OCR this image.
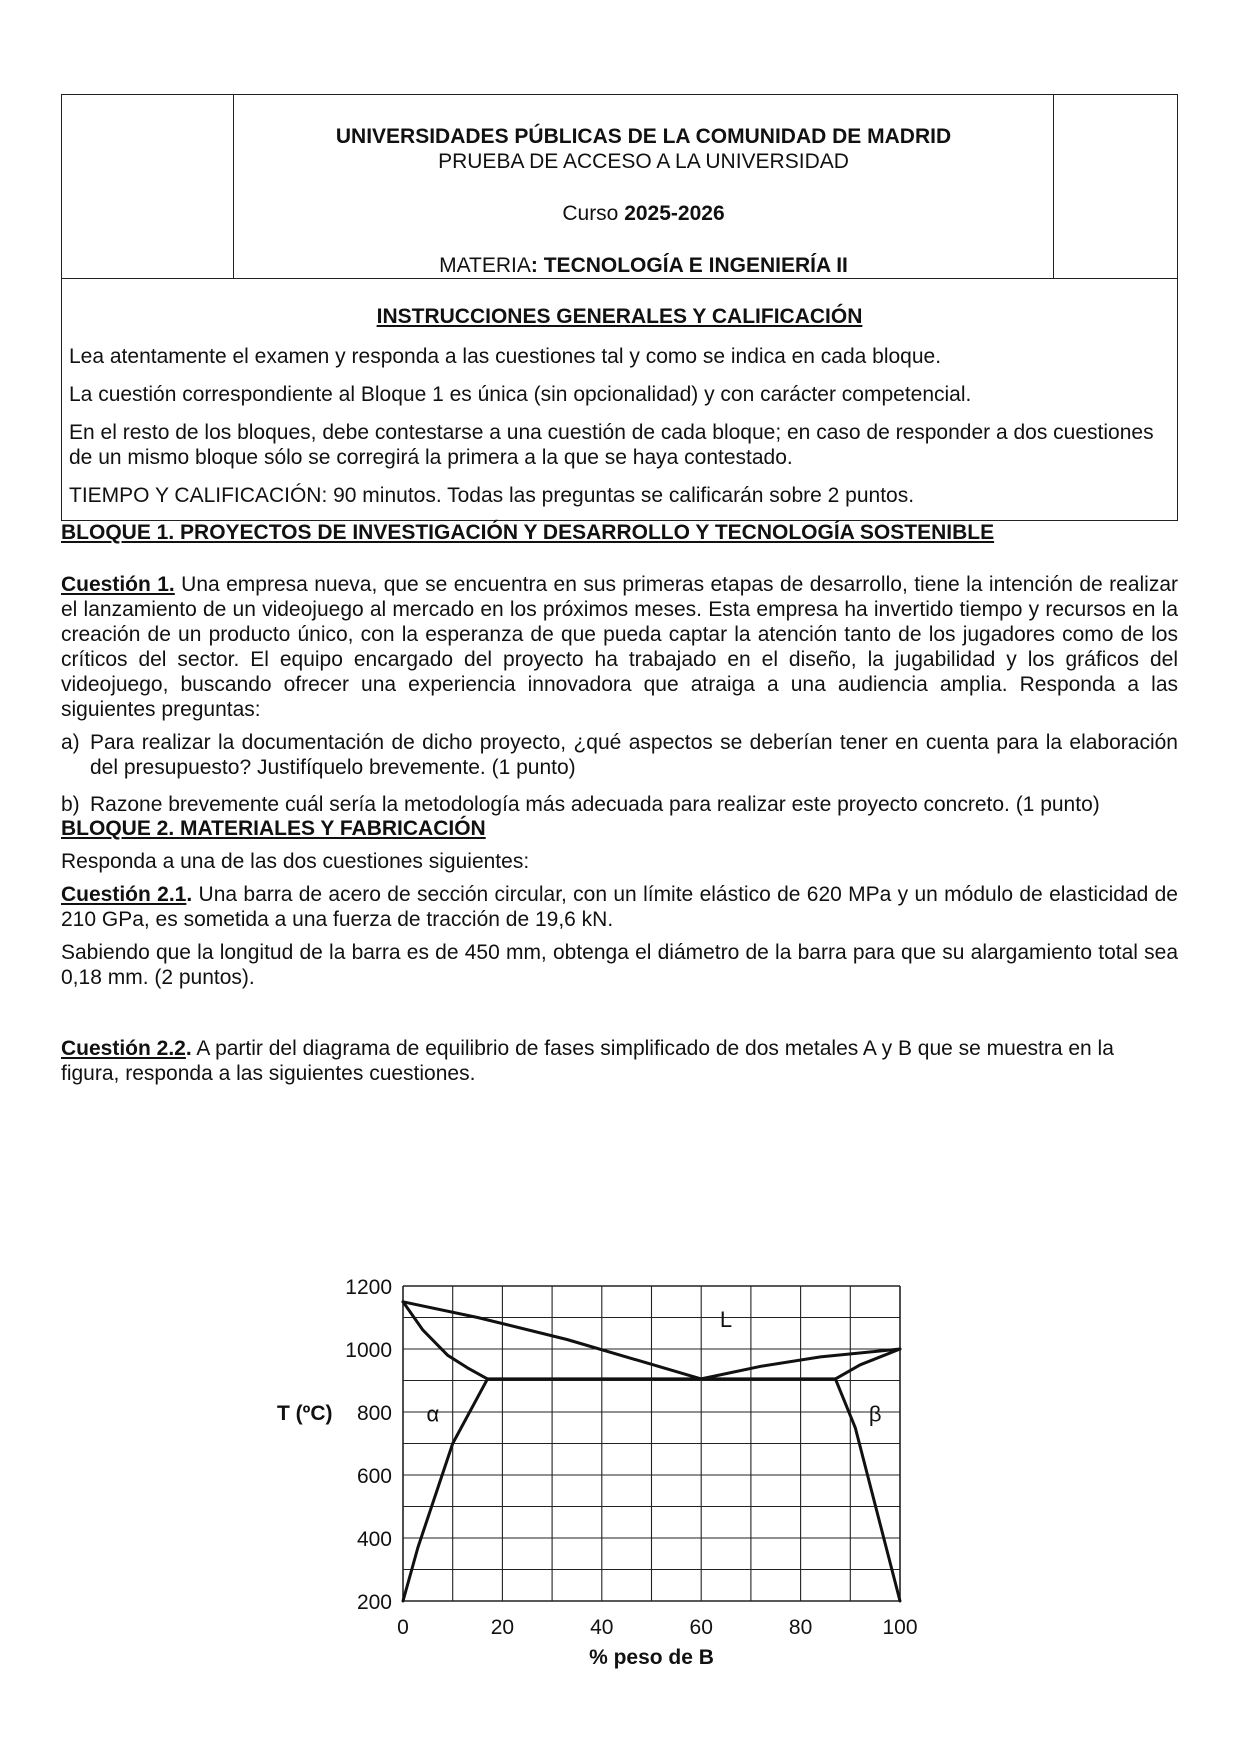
UNIVERSIDADES PÚBLICAS DE LA COMUNIDAD DE MADRID
PRUEBA DE ACCESO A LA UNIVERSIDAD
Curso 2025-2026
MATERIA: TECNOLOGÍA E INGENIERÍA II
INSTRUCCIONES GENERALES Y CALIFICACIÓN

Lea atentamente el examen y responda a las cuestiones tal y como se indica en cada bloque.

La cuestión correspondiente al Bloque 1 es única (sin opcionalidad) y con carácter competencial.

En el resto de los bloques, debe contestarse a una cuestión de cada bloque; en caso de responder a dos cuestiones de un mismo bloque sólo se corregirá la primera a la que se haya contestado.

TIEMPO Y CALIFICACIÓN: 90 minutos. Todas las preguntas se calificarán sobre 2 puntos.

BLOQUE 1. PROYECTOS DE INVESTIGACIÓN Y DESARROLLO Y TECNOLOGÍA SOSTENIBLE

Cuestión 1. Una empresa nueva, que se encuentra en sus primeras etapas de desarrollo, tiene la intención de realizar el lanzamiento de un videojuego al mercado en los próximos meses. Esta empresa ha invertido tiempo y recursos en la creación de un producto único, con la esperanza de que pueda captar la atención tanto de los jugadores como de los críticos del sector. El equipo encargado del proyecto ha trabajado en el diseño, la jugabilidad y los gráficos del videojuego, buscando ofrecer una experiencia innovadora que atraiga a una audiencia amplia. Responda a las siguientes preguntas:

a) Para realizar la documentación de dicho proyecto, ¿qué aspectos se deberían tener en cuenta para la elaboración del presupuesto? Justifíquelo brevemente. (1 punto)
b) Razone brevemente cuál sería la metodología más adecuada para realizar este proyecto concreto. (1 punto)
BLOQUE 2. MATERIALES Y FABRICACIÓN

Responda a una de las dos cuestiones siguientes:

Cuestión 2.1. Una barra de acero de sección circular, con un límite elástico de 620 MPa y un módulo de elasticidad de 210 GPa, es sometida a una fuerza de tracción de 19,6 kN.

Sabiendo que la longitud de la barra es de 450 mm, obtenga el diámetro de la barra para que su alargamiento total sea 0,18 mm. (2 puntos).

Cuestión 2.2. A partir del diagrama de equilibrio de fases simplificado de dos metales A y B que se muestra en la figura, responda a las siguientes cuestiones.

200
400
600
800
1000
1200
0	20	40	60	80	100
% peso de B
T (ºC)
L
α	β
